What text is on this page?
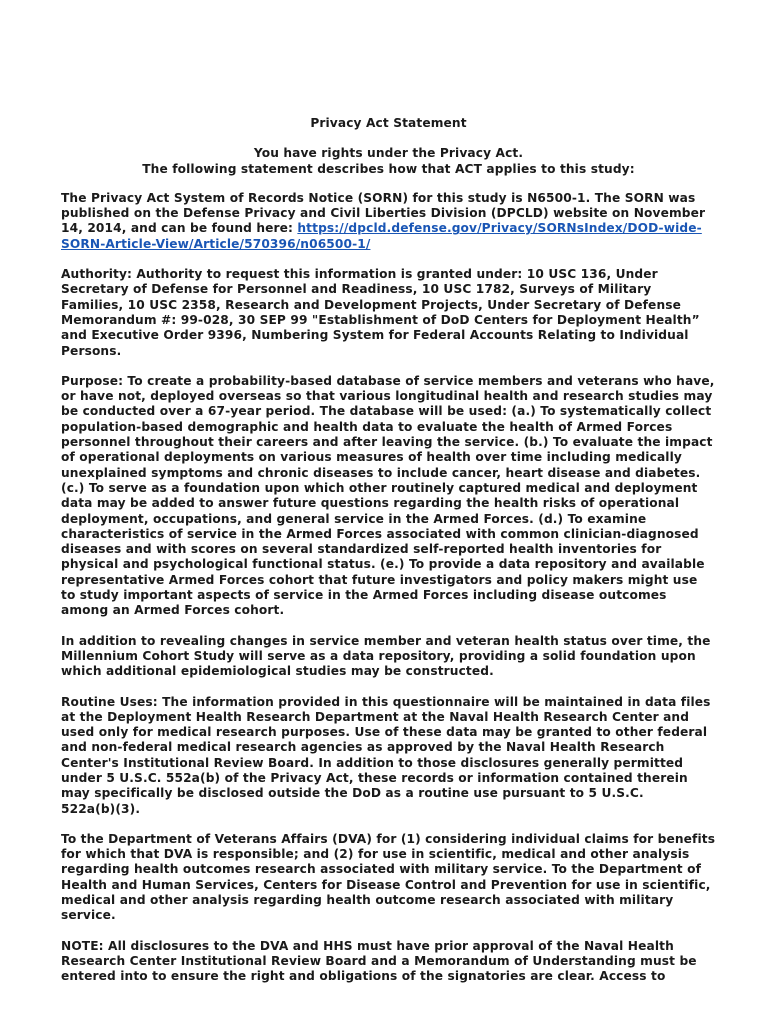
Privacy Act Statement
You have rights under the Privacy Act.
The following statement describes how that ACT applies to this study:

The Privacy Act System of Records Notice (SORN) for this study is N6500-1. The SORN was published on the Defense Privacy and Civil Liberties Division (DPCLD) website on November 14, 2014, and can be found here: https://dpcld.defense.gov/Privacy/SORNsIndex/DOD-wide-SORN-Article-View/Article/570396/n06500-1/

Authority: Authority to request this information is granted under: 10 USC 136, Under Secretary of Defense for Personnel and Readiness, 10 USC 1782, Surveys of Military Families, 10 USC 2358, Research and Development Projects, Under Secretary of Defense Memorandum #: 99-028, 30 SEP 99 "Establishment of DoD Centers for Deployment Health” and Executive Order 9396, Numbering System for Federal Accounts Relating to Individual Persons.

Purpose: To create a probability-based database of service members and veterans who have, or have not, deployed overseas so that various longitudinal health and research studies may be conducted over a 67-year period. The database will be used: (a.) To systematically collect population-based demographic and health data to evaluate the health of Armed Forces personnel throughout their careers and after leaving the service. (b.) To evaluate the impact of operational deployments on various measures of health over time including medically unexplained symptoms and chronic diseases to include cancer, heart disease and diabetes. (c.) To serve as a foundation upon which other routinely captured medical and deployment data may be added to answer future questions regarding the health risks of operational deployment, occupations, and general service in the Armed Forces. (d.) To examine characteristics of service in the Armed Forces associated with common clinician-diagnosed diseases and with scores on several standardized self-reported health inventories for physical and psychological functional status. (e.) To provide a data repository and available representative Armed Forces cohort that future investigators and policy makers might use to study important aspects of service in the Armed Forces including disease outcomes among an Armed Forces cohort.

In addition to revealing changes in service member and veteran health status over time, the Millennium Cohort Study will serve as a data repository, providing a solid foundation upon which additional epidemiological studies may be constructed.

Routine Uses: The information provided in this questionnaire will be maintained in data files at the Deployment Health Research Department at the Naval Health Research Center and used only for medical research purposes. Use of these data may be granted to other federal and non-federal medical research agencies as approved by the Naval Health Research Center's Institutional Review Board. In addition to those disclosures generally permitted under 5 U.S.C. 552a(b) of the Privacy Act, these records or information contained therein may specifically be disclosed outside the DoD as a routine use pursuant to 5 U.S.C.
522a(b)(3).

To the Department of Veterans Affairs (DVA) for (1) considering individual claims for benefits for which that DVA is responsible; and (2) for use in scientific, medical and other analysis regarding health outcomes research associated with military service. To the Department of Health and Human Services, Centers for Disease Control and Prevention for use in scientific, medical and other analysis regarding health outcome research associated with military service.

NOTE: All disclosures to the DVA and HHS must have prior approval of the Naval Health Research Center Institutional Review Board and a Memorandum of Understanding must be entered into to ensure the right and obligations of the signatories are clear. Access to
